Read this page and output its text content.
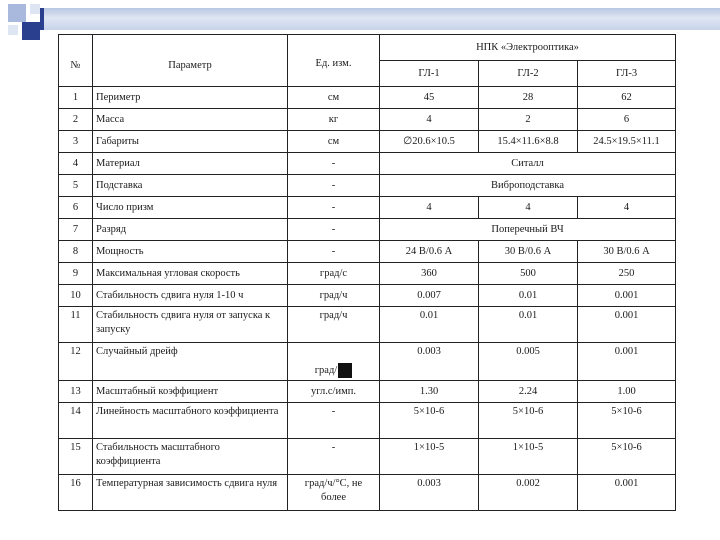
№	Параметр	Ед. изм.	НПК «Электрооптика»		
			ГЛ-1	ГЛ-2	ГЛ-3
1	Периметр	см	45	28	62
2	Масса	кг	4	2	6
3	Габариты	см	∅20.6×10.5	15.4×11.6×8.8	24.5×19.5×11.1
4	Материал	-	Ситалл		
5	Подставка	-	Виброподставка		
6	Число призм	-	4	4	4
7	Разряд	-	Поперечный ВЧ		
8	Мощность	-	24 В/0.6 А	30 В/0.6 А	30 В/0.6 А
9	Максимальная угловая скорость	град/с	360	500	250
10	Стабильность сдвига нуля 1-10 ч	град/ч	0.007	0.01	0.001
11	Стабильность сдвига нуля от запуска к запуску	град/ч	0.01	0.01	0.001
12	Случайный дрейф	град/	0.003	0.005	0.001
13	Масштабный коэффициент	угл.с/имп.	1.30	2.24	1.00
14	Линейность масштабного коэффициента	-	5×10-6	5×10-6	5×10-6
15	Стабильность масштабного коэффициента	-	1×10-5	1×10-5	5×10-6
16	Температурная зависимость сдвига нуля	град/ч/°С, не более	0.003	0.002	0.001
